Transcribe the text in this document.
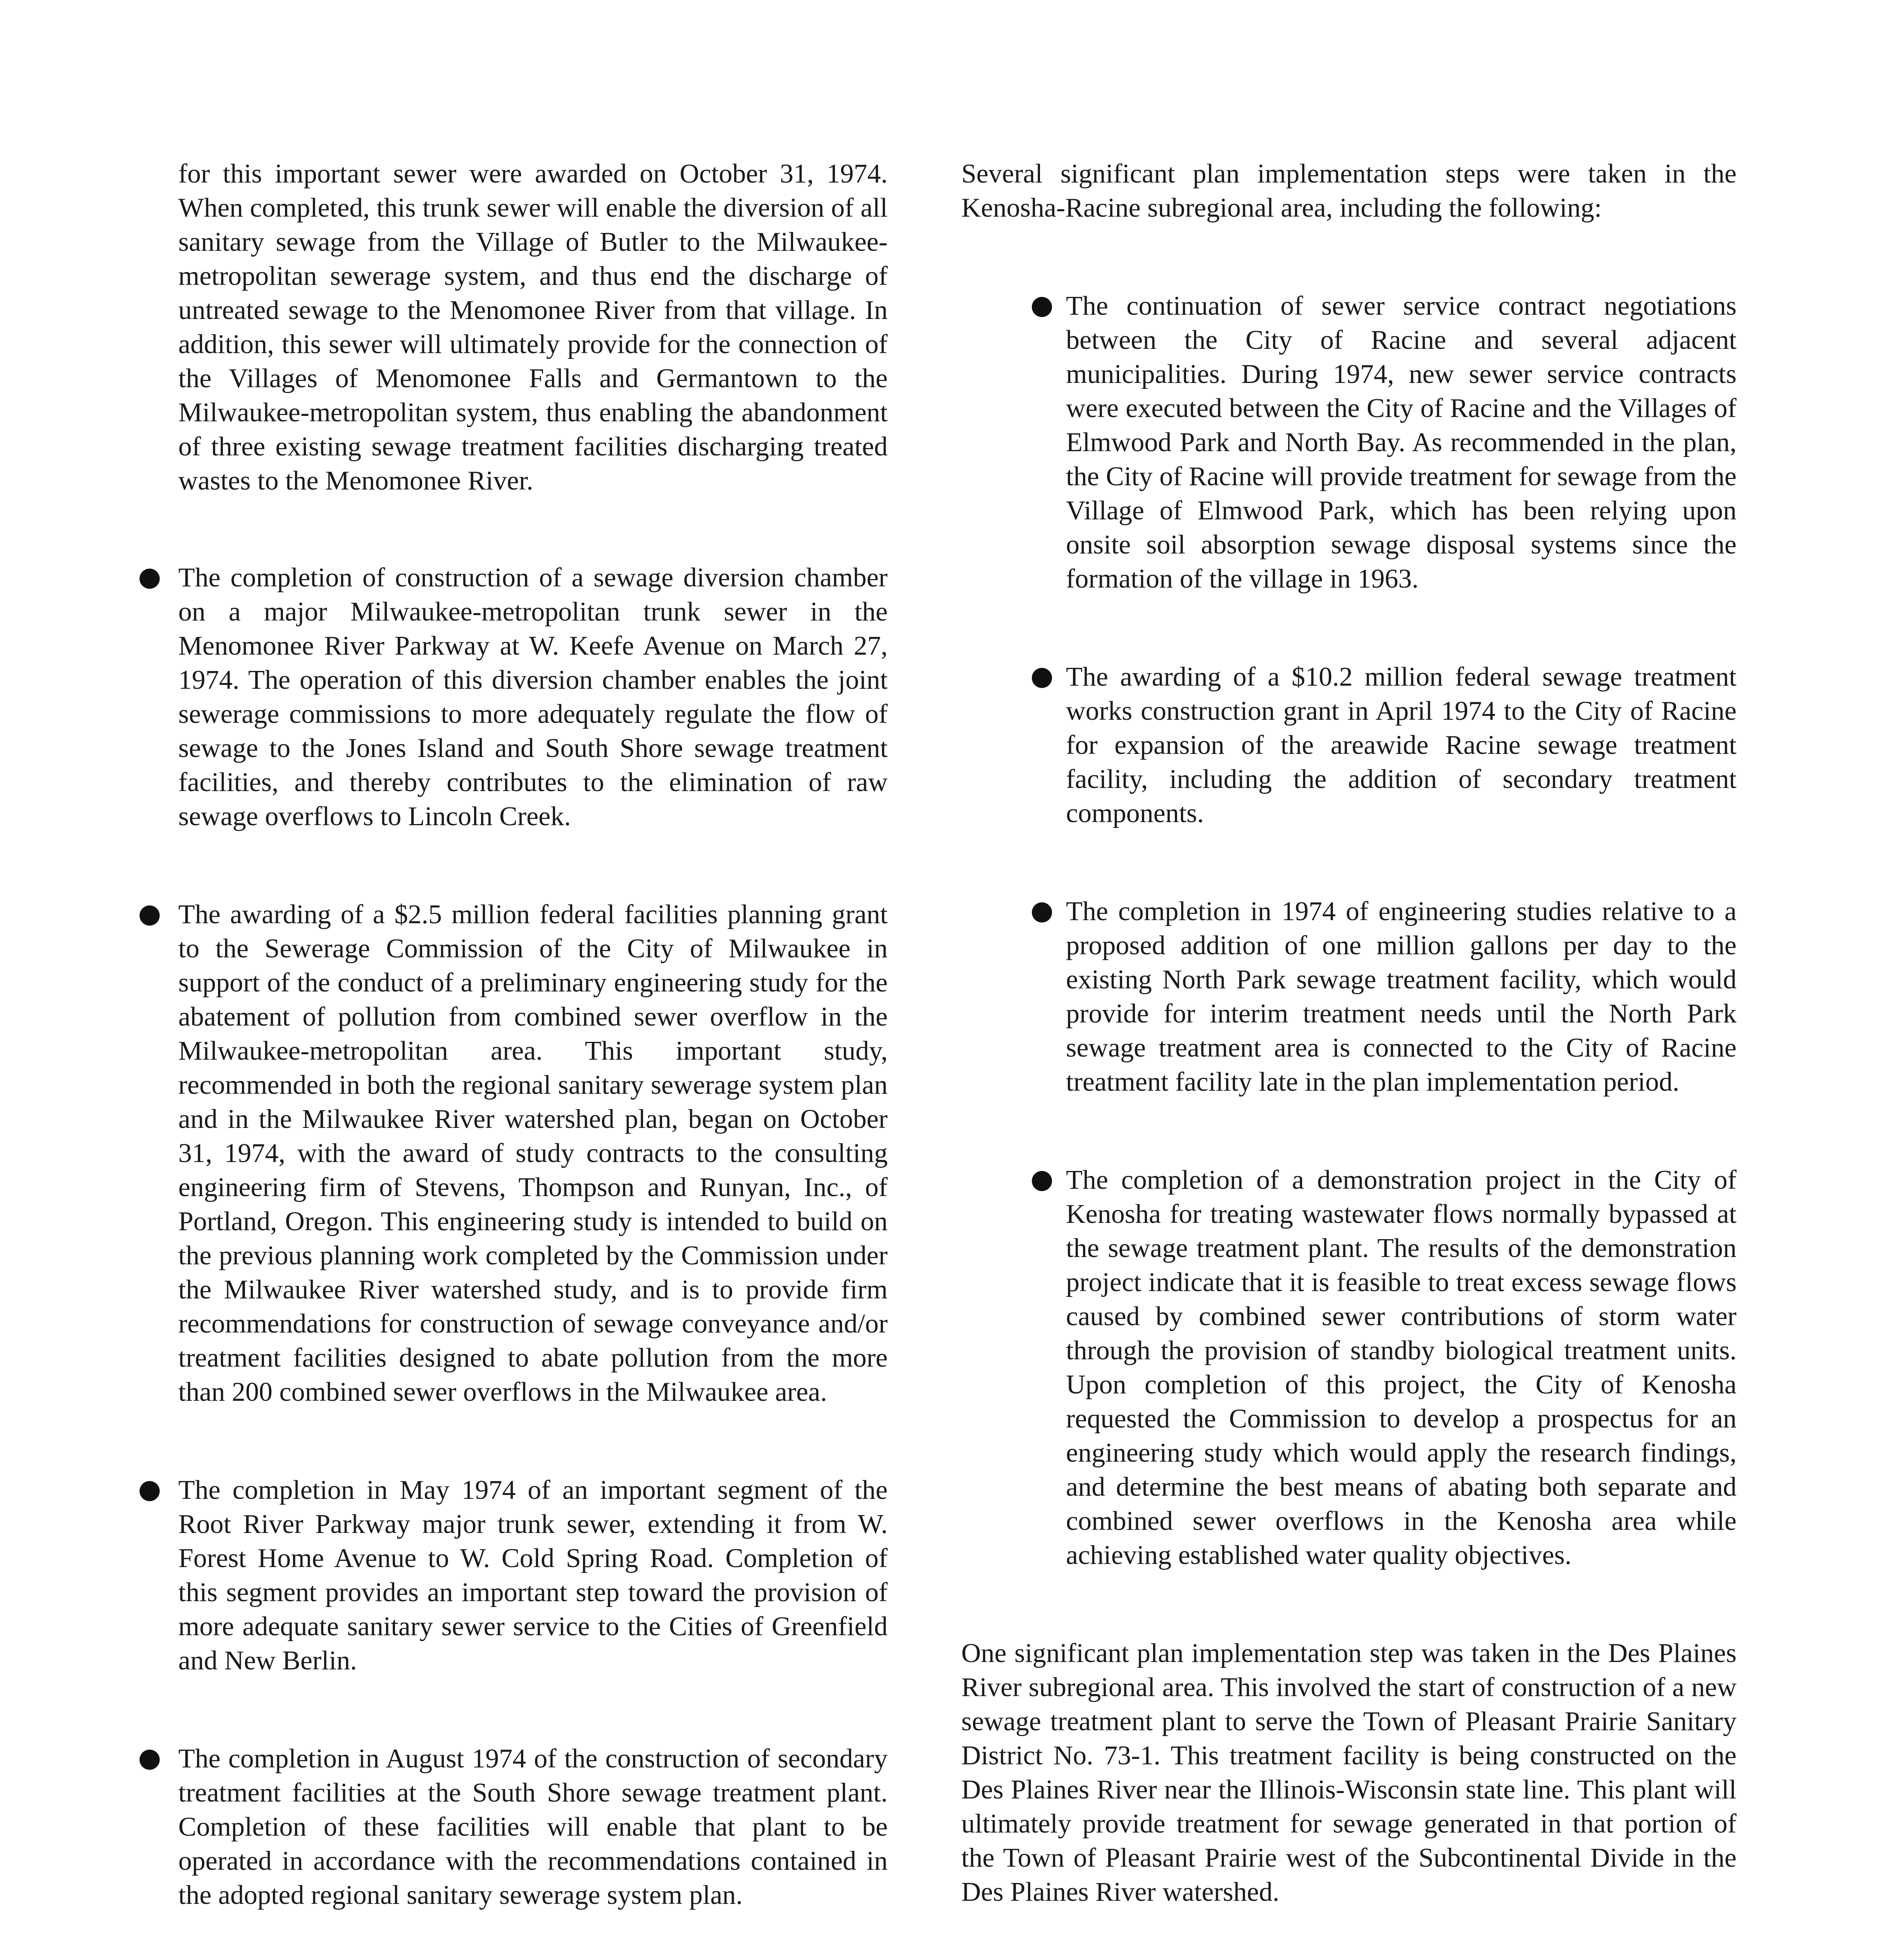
for this important sewer were awarded on October 31, 1974. When completed, this trunk sewer will enable the diversion of all sanitary sewage from the Village of Butler to the Milwaukee-metropolitan sewerage system, and thus end the discharge of untreated sewage to the Menomonee River from that village. In addition, this sewer will ultimately provide for the connection of the Villages of Menomonee Falls and Germantown to the Milwaukee-metropolitan system, thus enabling the abandonment of three existing sewage treatment facilities discharging treated wastes to the Menomonee River.

The completion of construction of a sewage diversion chamber on a major Milwaukee-metropolitan trunk sewer in the Menomonee River Parkway at W. Keefe Avenue on March 27, 1974. The operation of this diversion chamber enables the joint sewerage commissions to more adequately regulate the flow of sewage to the Jones Island and South Shore sewage treatment facilities, and thereby contributes to the elimination of raw sewage overflows to Lincoln Creek.

The awarding of a $2.5 million federal facilities planning grant to the Sewerage Commission of the City of Milwaukee in support of the conduct of a preliminary engineering study for the abatement of pollution from combined sewer overflow in the Milwaukee-metropolitan area. This important study, recommended in both the regional sanitary sewerage system plan and in the Milwaukee River watershed plan, began on October 31, 1974, with the award of study contracts to the consulting engineering firm of Stevens, Thompson and Runyan, Inc., of Portland, Oregon. This engineering study is intended to build on the previous planning work completed by the Commission under the Milwaukee River watershed study, and is to provide firm recommendations for construction of sewage conveyance and/or treatment facilities designed to abate pollution from the more than 200 combined sewer overflows in the Milwaukee area.

The completion in May 1974 of an important segment of the Root River Parkway major trunk sewer, extending it from W. Forest Home Avenue to W. Cold Spring Road. Completion of this segment provides an important step toward the provision of more adequate sanitary sewer service to the Cities of Greenfield and New Berlin.

The completion in August 1974 of the construction of secondary treatment facilities at the South Shore sewage treatment plant. Completion of these facilities will enable that plant to be operated in accordance with the recommendations contained in the adopted regional sanitary sewerage system plan.

Several significant plan implementation steps were taken in the Kenosha-Racine subregional area, including the following:

The continuation of sewer service contract negotiations between the City of Racine and several adjacent municipalities. During 1974, new sewer service contracts were executed between the City of Racine and the Villages of Elmwood Park and North Bay. As recommended in the plan, the City of Racine will provide treatment for sewage from the Village of Elmwood Park, which has been relying upon onsite soil absorption sewage disposal systems since the formation of the village in 1963.

The awarding of a $10.2 million federal sewage treatment works construction grant in April 1974 to the City of Racine for expansion of the areawide Racine sewage treatment facility, including the addition of secondary treatment components.

The completion in 1974 of engineering studies relative to a proposed addition of one million gallons per day to the existing North Park sewage treatment facility, which would provide for interim treatment needs until the North Park sewage treatment area is connected to the City of Racine treatment facility late in the plan implementation period.

The completion of a demonstration project in the City of Kenosha for treating wastewater flows normally bypassed at the sewage treatment plant. The results of the demonstration project indicate that it is feasible to treat excess sewage flows caused by combined sewer contributions of storm water through the provision of standby biological treatment units. Upon completion of this project, the City of Kenosha requested the Commission to develop a prospectus for an engineering study which would apply the research findings, and determine the best means of abating both separate and combined sewer overflows in the Kenosha area while achieving established water quality objectives.

One significant plan implementation step was taken in the Des Plaines River subregional area. This involved the start of construction of a new sewage treatment plant to serve the Town of Pleasant Prairie Sanitary District No. 73-1. This treatment facility is being constructed on the Des Plaines River near the Illinois-Wisconsin state line. This plant will ultimately provide treatment for sewage generated in that portion of the Town of Pleasant Prairie west of the Subcontinental Divide in the Des Plaines River watershed.
